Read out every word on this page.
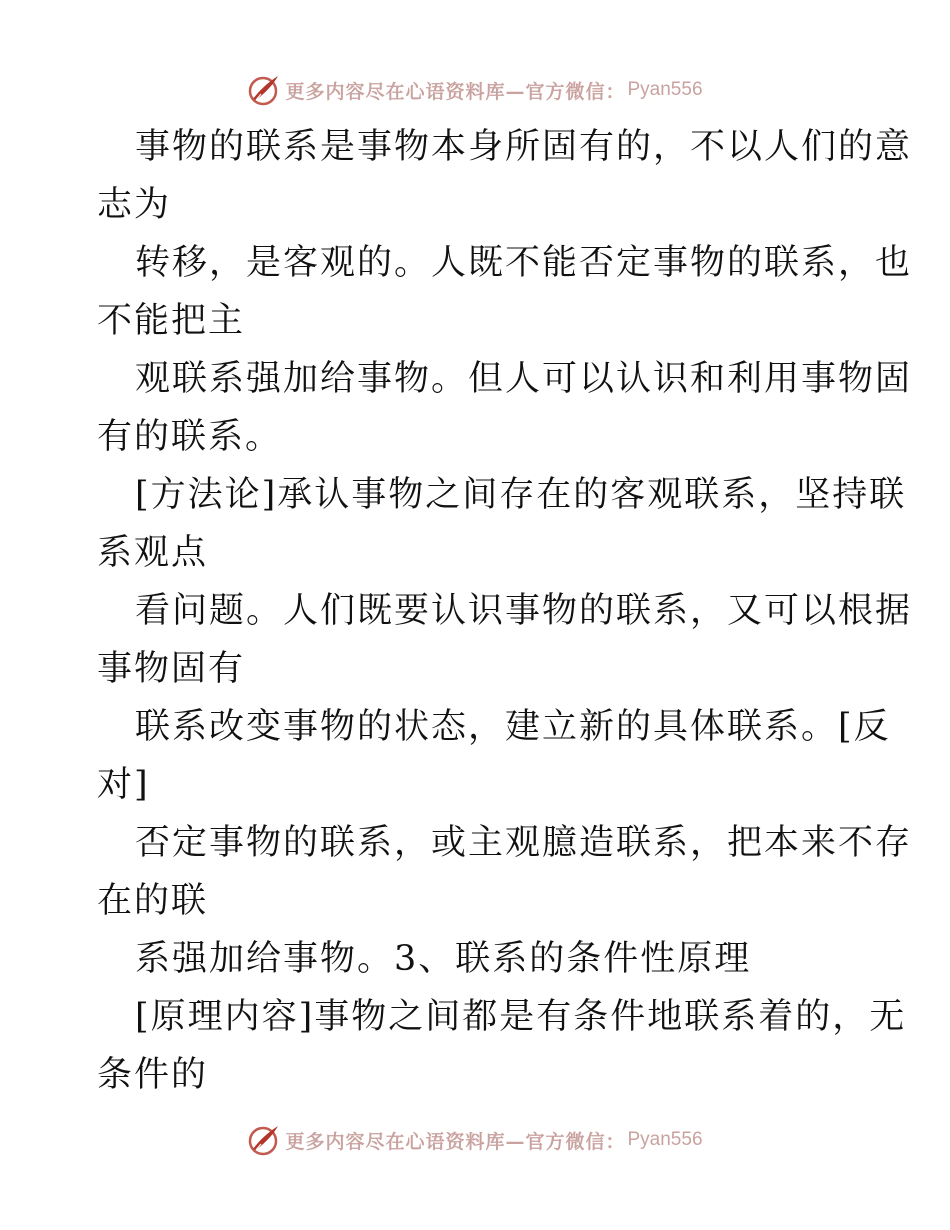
更多内容尽在心语资料库—官方微信： Pyan556
事物的联系是事物本身所固有的，不以人们的意
志为
转移，是客观的。人既不能否定事物的联系，也
不能把主
观联系强加给事物。但人可以认识和利用事物固
有的联系。
[方法论]承认事物之间存在的客观联系，坚持联
系观点
看问题。人们既要认识事物的联系，又可以根据
事物固有
联系改变事物的状态，建立新的具体联系。[反
对]
否定事物的联系，或主观臆造联系，把本来不存
在的联
系强加给事物。3、联系的条件性原理
[原理内容]事物之间都是有条件地联系着的，无
条件的
更多内容尽在心语资料库—官方微信： Pyan556
